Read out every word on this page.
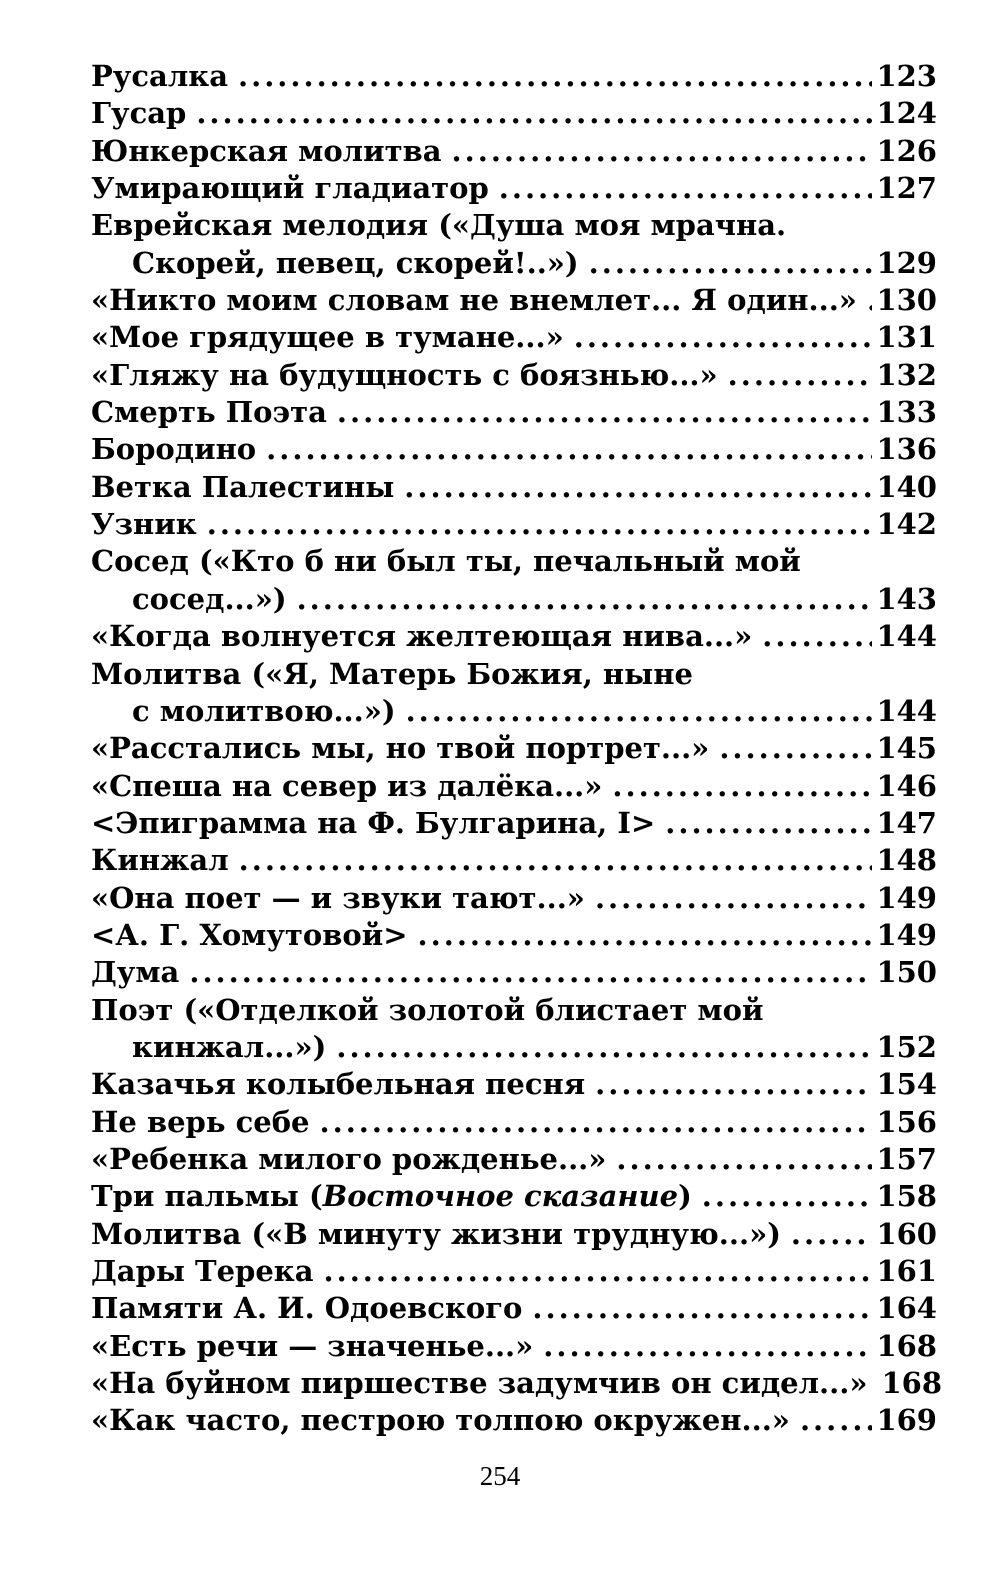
Русалка .....	123
Гусар .....	124
Юнкерская молитва .....	126
Умирающий гладиатор .....	127
Еврейская мелодия («Душа моя мрачна.
Скорей, певец, скорей!..») .....	129
«Никто моим словам не внемлет... Я один...» ..... 130
«Мое грядущее в тумане...» .....	131
«Гляжу на будущность с боязнью...» .....	132
Смерть Поэта .....	133
Бородино .....	136
Ветка Палестины .....	140
Узник .....	142
Сосед («Кто б ни был ты, печальный мой
сосед...») .....	143
«Когда волнуется желтеющая нива...» .....	144
Молитва («Я, Матерь Божия, ныне
с молитвою...») .....	144
«Расстались мы, но твой портрет...» .....	145
«Спеша на север из далёка...» .....	146
<Эпиграмма на Ф. Булгарина, I> .....	147
Кинжал .....	148
«Она поет — и звуки тают...» .....	149
<А. Г. Хомутовой> .....	149
Дума .....	150
Поэт («Отделкой золотой блистает мой
кинжал...») .....	152
Казачья колыбельная песня .....	154
Не верь себе .....	156
«Ребенка милого рожденье...» .....	157
Три пальмы (Восточное сказание) .....	158
Молитва («В минуту жизни трудную...») .....	160
Дары Терека .....	161
Памяти А. И. Одоевского .....	164
«Есть речи — значенье...» .....	168
«На буйном пиршестве задумчив он сидел...» 168
«Как часто, пестрою толпою окружен...» .....	169
254
